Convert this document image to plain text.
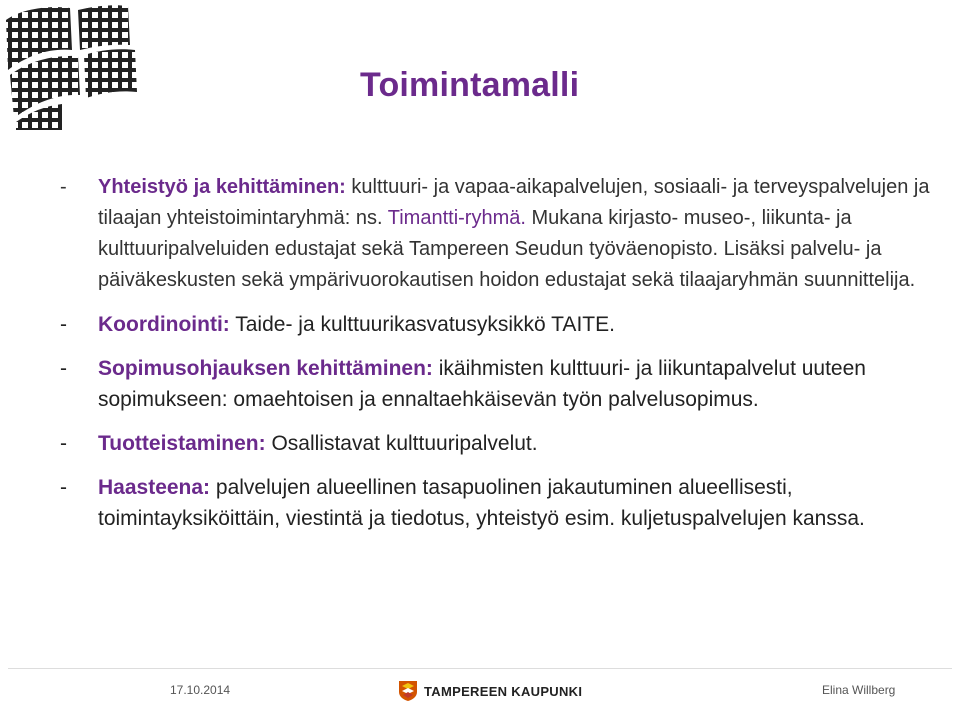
Toimintamalli
- Yhteistyö ja kehittäminen: kulttuuri- ja vapaa-aikapalvelujen, sosiaali- ja terveyspalvelujen ja tilaajan yhteistoimintaryhmä: ns. Timantti-ryhmä. Mukana kirjasto- museo-, liikunta- ja kulttuuripalveluiden edustajat sekä Tampereen Seudun työväenopisto. Lisäksi palvelu- ja päiväkeskusten sekä ympärivuorokautisen hoidon edustajat sekä tilaajaryhmän suunnittelija.
- Koordinointi: Taide- ja kulttuurikasvatusyksikkö TAITE.
- Sopimusohjauksen kehittäminen: ikäihmisten kulttuuri- ja liikuntapalvelut uuteen sopimukseen: omaehtoisen ja ennaltaehkäisevän työn palvelusopimus.
- Tuotteistaminen: Osallistavat kulttuuripalvelut.
- Haasteena: palvelujen alueellinen tasapuolinen jakautuminen alueellisesti, toimintayksiköittäin, viestintä ja tiedotus, yhteistyö esim. kuljetuspalvelujen kanssa.
17.10.2014	TAMPEREEN KAUPUNKI	Elina Willberg
